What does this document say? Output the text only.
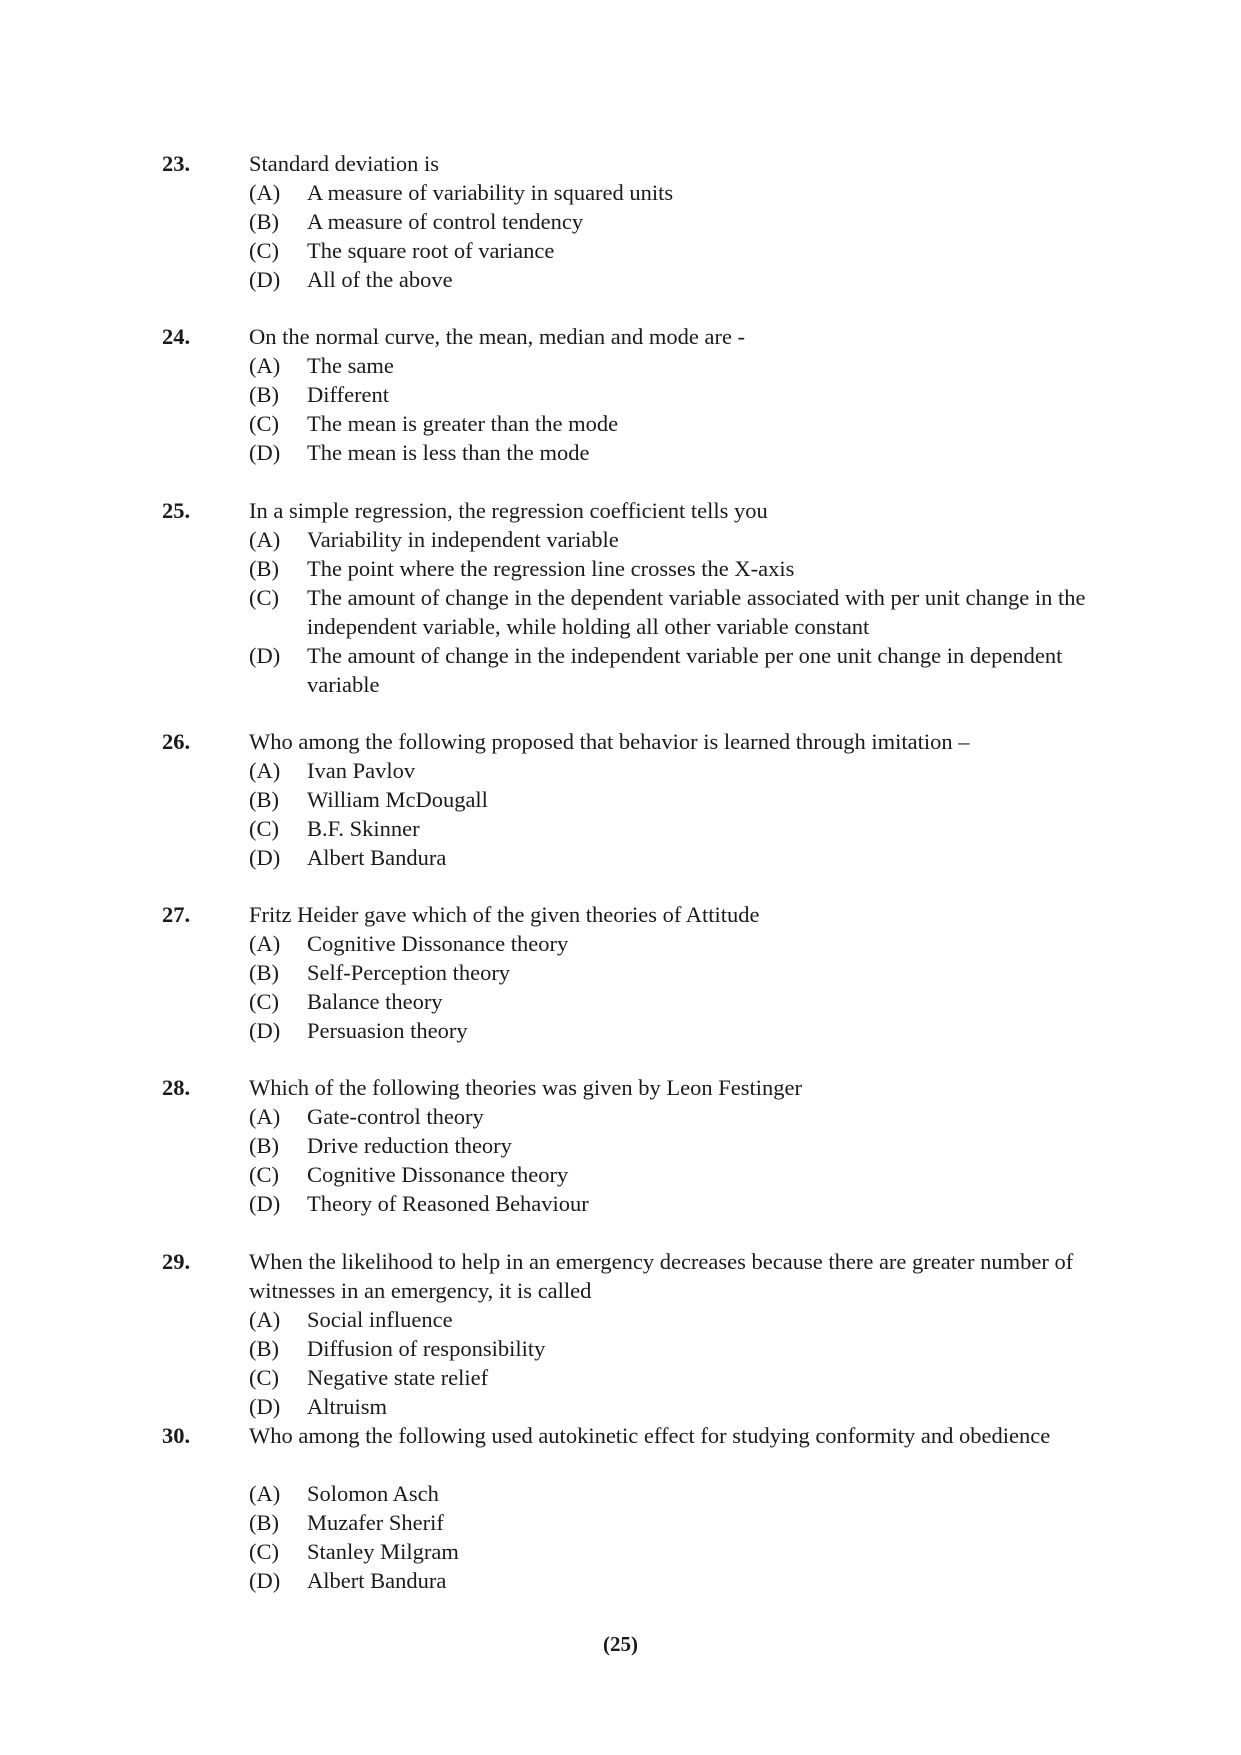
23.	Standard deviation is
(A) A measure of variability in squared units
(B) A measure of control tendency
(C) The square root of variance
(D) All of the above
24.	On the normal curve, the mean, median and mode are -
(A) The same
(B) Different
(C) The mean is greater than the mode
(D) The mean is less than the mode
25.	In a simple regression, the regression coefficient tells you
(A) Variability in independent variable
(B) The point where the regression line crosses the X-axis
(C) The amount of change in the dependent variable associated with per unit change in the independent variable, while holding all other variable constant
(D) The amount of change in the independent variable per one unit change in dependent variable
26.	Who among the following proposed that behavior is learned through imitation –
(A) Ivan Pavlov
(B) William McDougall
(C) B.F. Skinner
(D) Albert Bandura
27.	Fritz Heider gave which of the given theories of Attitude
(A) Cognitive Dissonance theory
(B) Self-Perception theory
(C) Balance theory
(D) Persuasion theory
28.	Which of the following theories was given by Leon Festinger
(A) Gate-control theory
(B) Drive reduction theory
(C) Cognitive Dissonance theory
(D) Theory of Reasoned Behaviour
29.	When the likelihood to help in an emergency decreases because there are greater number of witnesses in an emergency, it is called
(A) Social influence
(B) Diffusion of responsibility
(C) Negative state relief
(D) Altruism
30.	Who among the following used autokinetic effect for studying conformity and obedience
(A) Solomon Asch
(B) Muzafer Sherif
(C) Stanley Milgram
(D) Albert Bandura
(25)
